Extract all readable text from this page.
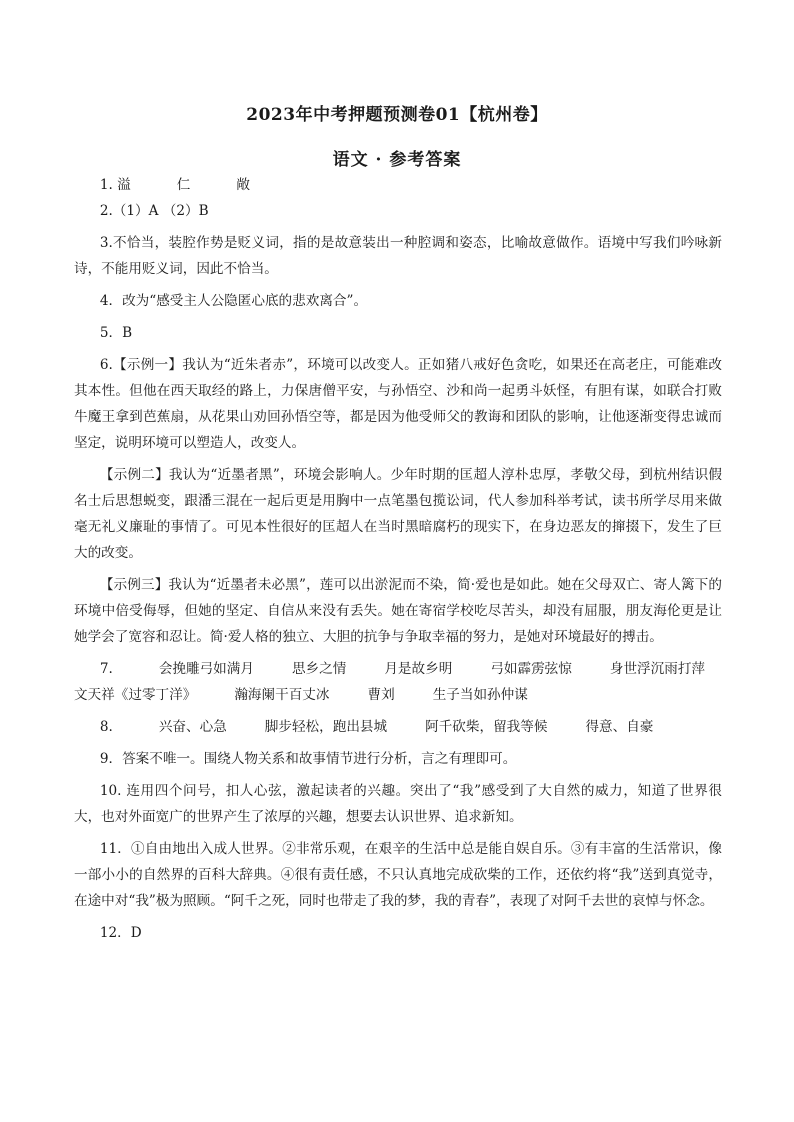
2023年中考押题预测卷01【杭州卷】
语文 · 参考答案

1. 溢	仁	敞

2.（1）A （2）B

3.不恰当，装腔作势是贬义词，指的是故意装出一种腔调和姿态，比喻故意做作。语境中写我们吟咏新诗，不能用贬义词，因此不恰当。

4．改为“感受主人公隐匿心底的悲欢离合”。

5．B

6.【示例一】我认为“近朱者赤”，环境可以改变人。正如猪八戒好色贪吃，如果还在高老庄，可能难改其本性。但他在西天取经的路上，力保唐僧平安，与孙悟空、沙和尚一起勇斗妖怪，有胆有谋，如联合打败牛魔王拿到芭蕉扇，从花果山劝回孙悟空等，都是因为他受师父的教诲和团队的影响，让他逐渐变得忠诚而坚定，说明环境可以塑造人，改变人。

【示例二】我认为“近墨者黑”，环境会影响人。少年时期的匡超人淳朴忠厚，孝敬父母，到杭州结识假名士后思想蜕变，跟潘三混在一起后更是用胸中一点笔墨包揽讼词，代人参加科举考试，读书所学尽用来做毫无礼义廉耻的事情了。可见本性很好的匡超人在当时黑暗腐朽的现实下，在身边恶友的撺掇下，发生了巨大的改变。

【示例三】我认为“近墨者未必黑”，莲可以出淤泥而不染，简·爱也是如此。她在父母双亡、寄人篱下的环境中倍受侮辱，但她的坚定、自信从来没有丢失。她在寄宿学校吃尽苦头，却没有屈服，朋友海伦更是让她学会了宽容和忍让。简·爱人格的独立、大胆的抗争与争取幸福的努力，是她对环境最好的搏击。

7.	会挽雕弓如满月	思乡之情	月是故乡明	弓如霹雳弦惊	身世浮沉雨打萍

文天祥《过零丁洋》	瀚海阑干百丈冰	曹刘	生子当如孙仲谋

8.	兴奋、心急	脚步轻松，跑出县城	阿千砍柴，留我等候	得意、自豪

9．答案不唯一。围绕人物关系和故事情节进行分析，言之有理即可。

10. 连用四个问号，扣人心弦，激起读者的兴趣。突出了“我”感受到了大自然的威力，知道了世界很大，也对外面宽广的世界产生了浓厚的兴趣，想要去认识世界、追求新知。

11．①自由地出入成人世界。②非常乐观，在艰辛的生活中总是能自娱自乐。③有丰富的生活常识，像一部小小的自然界的百科大辞典。④很有责任感，不只认真地完成砍柴的工作，还依约将“我”送到真觉寺，在途中对“我”极为照顾。“阿千之死，同时也带走了我的梦，我的青春”，表现了对阿千去世的哀悼与怀念。

12．D
